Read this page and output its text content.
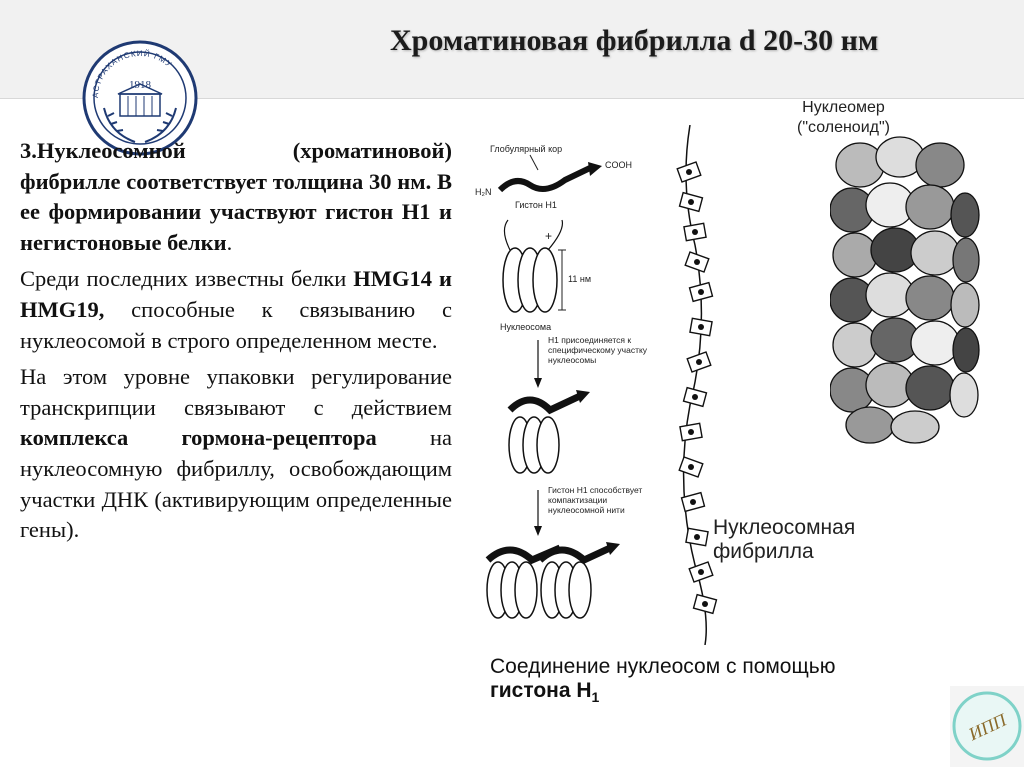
АСТРАХАНСКИЙ ГМУ
1918
Хроматиновая фибрилла d 20-30 нм

3.Нуклеосомной (хроматиновой) фибрилле соответствует толщина 30 нм. В ее формировании участвуют гистон H1 и негистоновые белки.

Среди последних известны белки HMG14 и HMG19, способные к связыванию с нуклеосомой в строго определенном месте.

На этом уровне упаковки регулирование транскрипции связывают с действием комплекса гормона-рецептора на нуклеосомную фибриллу, освобождающим участки ДНК (активирующим определенные гены).

Глобулярный кор
H₂N
COOH
Гистон Н1
+
11 нм
Нуклеосома
Н1 присоединяется к специфическому участку нуклеосомы
Гистон Н1 способствует компактизации нуклеосомной нити
Нуклеосомная фибрилла
Нуклеомер
("соленоид")
Соединение нуклеосом с помощью
гистона $Н_1$
ИПП
